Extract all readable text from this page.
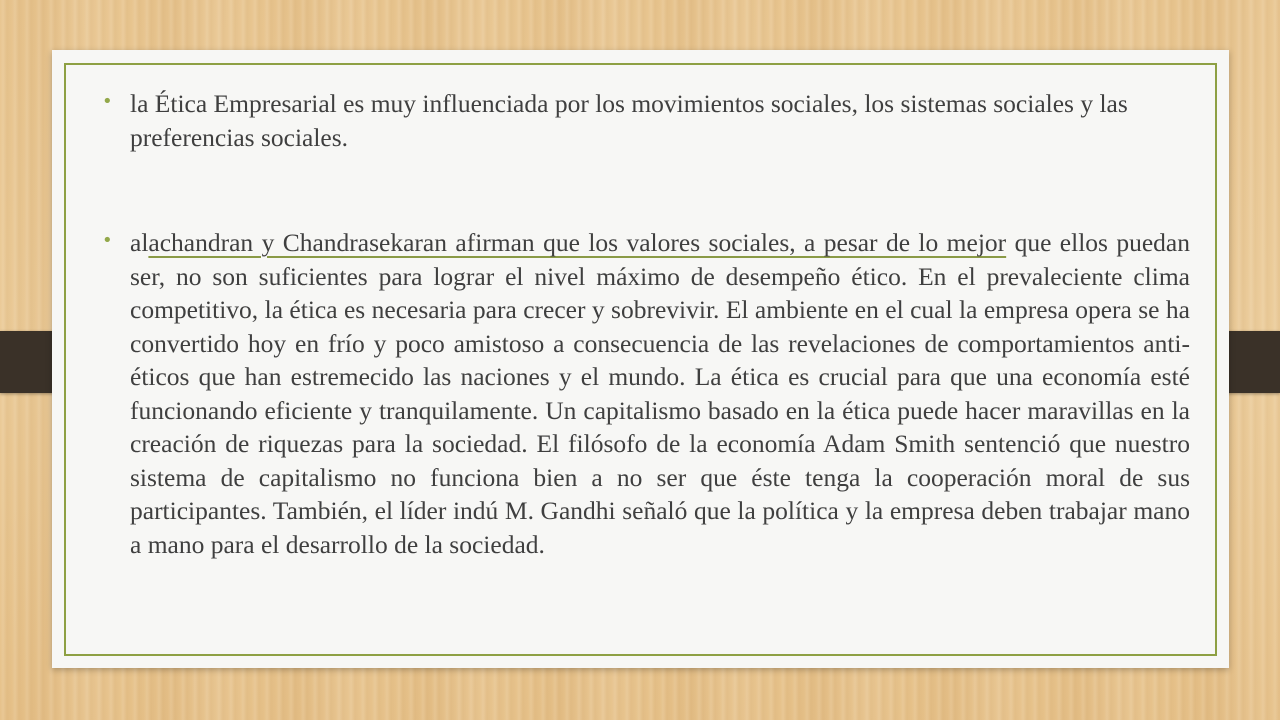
• la Ética Empresarial es muy influenciada por los movimientos sociales, los sistemas sociales y las preferencias sociales.
• alachandran y Chandrasekaran afirman que los valores sociales, a pesar de lo mejor que ellos puedan ser, no son suficientes para lograr el nivel máximo de desempeño ético. En el prevaleciente clima competitivo, la ética es necesaria para crecer y sobrevivir. El ambiente en el cual la empresa opera se ha convertido hoy en frío y poco amistoso a consecuencia de las revelaciones de comportamientos anti-éticos que han estremecido las naciones y el mundo. La ética es crucial para que una economía esté funcionando eficiente y tranquilamente. Un capitalismo basado en la ética puede hacer maravillas en la creación de riquezas para la sociedad. El filósofo de la economía Adam Smith sentenció que nuestro sistema de capitalismo no funciona bien a no ser que éste tenga la cooperación moral de sus participantes. También, el líder indú M. Gandhi señaló que la política y la empresa deben trabajar mano a mano para el desarrollo de la sociedad.
